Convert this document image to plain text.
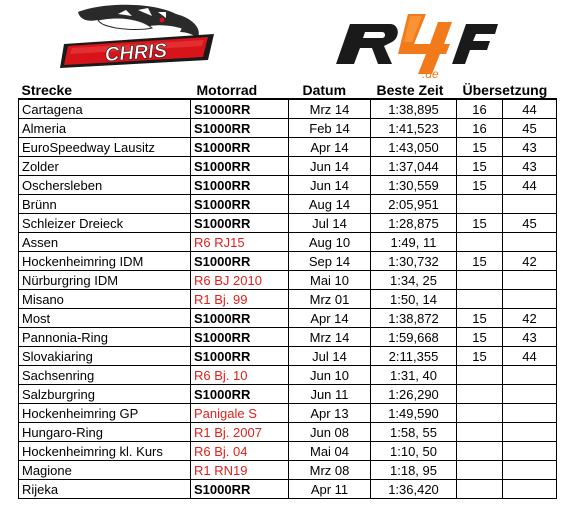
CHRIS
.de
Strecke	Motorrad	Datum	Beste Zeit	Übersetzung	
Cartagena	S1000RR	Mrz 14	1:38,895	16	44
Almeria	S1000RR	Feb 14	1:41,523	16	45
EuroSpeedway Lausitz	S1000RR	Apr 14	1:43,050	15	43
Zolder	S1000RR	Jun 14	1:37,044	15	43
Oschersleben	S1000RR	Jun 14	1:30,559	15	44
Brünn	S1000RR	Aug 14	2:05,951		
Schleizer Dreieck	S1000RR	Jul 14	1:28,875	15	45
Assen	R6 RJ15	Aug 10	1:49, 11		
Hockenheimring IDM	S1000RR	Sep 14	1:30,732	15	42
Nürburgring IDM	R6 BJ 2010	Mai 10	1:34, 25		
Misano	R1 Bj. 99	Mrz 01	1:50, 14		
Most	S1000RR	Apr 14	1:38,872	15	42
Pannonia-Ring	S1000RR	Mrz 14	1:59,668	15	43
Slovakiaring	S1000RR	Jul 14	2:11,355	15	44
Sachsenring	R6 Bj. 10	Jun 10	1:31, 40		
Salzburgring	S1000RR	Jun 11	1:26,290		
Hockenheimring GP	Panigale S	Apr 13	1:49,590		
Hungaro-Ring	R1 Bj. 2007	Jun 08	1:58, 55		
Hockenheimring kl. Kurs	R6 Bj. 04	Mai 04	1:10, 50		
Magione	R1 RN19	Mrz 08	1:18, 95		
Rijeka	S1000RR	Apr 11	1:36,420		
